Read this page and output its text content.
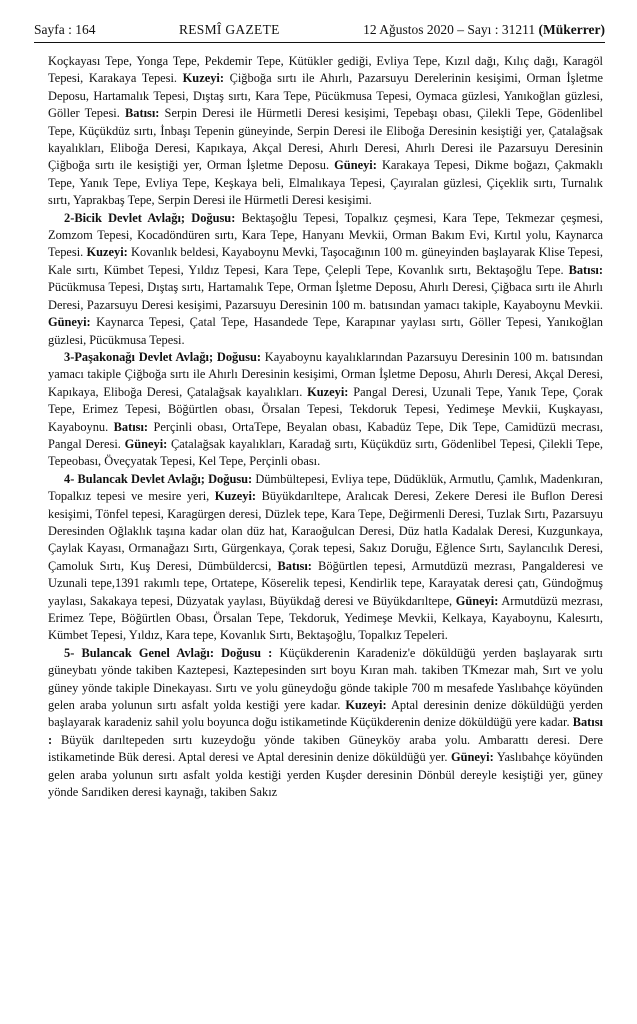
Sayfa : 164	RESMÎ GAZETE	12 Ağustos 2020 – Sayı : 31211 (Mükerrer)

Koçkayası Tepe, Yonga Tepe, Pekdemir Tepe, Kütükler gediği, Evliya Tepe, Kızıl dağı, Kılıç dağı, Karagöl Tepesi, Karakaya Tepesi. Kuzeyi: Çiğboğa sırtı ile Ahırlı, Pazarsuyu Derelerinin kesişimi, Orman İşletme Deposu, Hartamalık Tepesi, Dıştaş sırtı, Kara Tepe, Pücükmusa Tepesi, Oymaca güzlesi, Yanıkoğlan güzlesi, Göller Tepesi. Batısı: Serpin Deresi ile Hürmetli Deresi kesişimi, Tepebaşı obası, Çilekli Tepe, Gödenlibel Tepe, Küçükdüz sırtı, İnbaşı Tepenin güneyinde, Serpin Deresi ile Eliboğa Deresinin kesiştiği yer, Çatalağsak kayalıkları, Eliboğa Deresi, Kapıkaya, Akçal Deresi, Ahırlı Deresi, Ahırlı Deresi ile Pazarsuyu Deresinin Çiğboğa sırtı ile kesiştiği yer, Orman İşletme Deposu. Güneyi: Karakaya Tepesi, Dikme boğazı, Çakmaklı Tepe, Yanık Tepe, Evliya Tepe, Keşkaya beli, Elmalıkaya Tepesi, Çayıralan güzlesi, Çiçeklik sırtı, Turnalık sırtı, Yaprakbaş Tepe, Serpin Deresi ile Hürmetli Deresi kesişimi.

2-Bicik Devlet Avlağı; Doğusu: Bektaşoğlu Tepesi, Topalkız çeşmesi, Kara Tepe, Tekmezar çeşmesi, Zomzom Tepesi, Kocadöndüren sırtı, Kara Tepe, Hanyanı Mevkii, Orman Bakım Evi, Kırtıl yolu, Kaynarca Tepesi. Kuzeyi: Kovanlık beldesi, Kayaboynu Mevki, Taşocağının 100 m. güneyinden başlayarak Klise Tepesi, Kale sırtı, Kümbet Tepesi, Yıldız Tepesi, Kara Tepe, Çelepli Tepe, Kovanlık sırtı, Bektaşoğlu Tepe. Batısı: Pücükmusa Tepesi, Dıştaş sırtı, Hartamalık Tepe, Orman İşletme Deposu, Ahırlı Deresi, Çiğbaca sırtı ile Ahırlı Deresi, Pazarsuyu Deresi kesişimi, Pazarsuyu Deresinin 100 m. batısından yamacı takiple, Kayaboynu Mevkii. Güneyi: Kaynarca Tepesi, Çatal Tepe, Hasandede Tepe, Karapınar yaylası sırtı, Göller Tepesi, Yanıkoğlan güzlesi, Pücükmusa Tepesi.

3-Paşakonağı Devlet Avlağı; Doğusu: Kayaboynu kayalıklarından Pazarsuyu Deresinin 100 m. batısından yamacı takiple Çiğboğa sırtı ile Ahırlı Deresinin kesişimi, Orman İşletme Deposu, Ahırlı Deresi, Akçal Deresi, Kapıkaya, Eliboğa Deresi, Çatalağsak kayalıkları. Kuzeyi: Pangal Deresi, Uzunali Tepe, Yanık Tepe, Çorak Tepe, Erimez Tepesi, Böğürtlen obası, Örsalan Tepesi, Tekdoruk Tepesi, Yedimeşe Mevkii, Kuşkayası, Kayaboynu. Batısı: Perçinli obası, OrtaTepe, Beyalan obası, Kabadüz Tepe, Dik Tepe, Camidüzü mecrası, Pangal Deresi. Güneyi: Çatalağsak kayalıkları, Karadağ sırtı, Küçükdüz sırtı, Gödenlibel Tepesi, Çilekli Tepe, Tepeobası, Öveçyatak Tepesi, Kel Tepe, Perçinli obası.

4- Bulancak Devlet Avlağı; Doğusu: Dümbültepesi, Evliya tepe, Düdüklük, Armutlu, Çamlık, Madenkıran, Topalkız tepesi ve mesire yeri, Kuzeyi: Büyükdarıltepe, Aralıcak Deresi, Zekere Deresi ile Buflon Deresi kesişimi, Tönfel tepesi, Karagürgen deresi, Düzlek tepe, Kara Tepe, Değirmenli Deresi, Tuzlak Sırtı, Pazarsuyu Deresinden Oğlaklık taşına kadar olan düz hat, Karaoğulcan Deresi, Düz hatla Kadalak Deresi, Kuzgunkaya, Çaylak Kayası, Ormanağazı Sırtı, Gürgenkaya, Çorak tepesi, Sakız Doruğu, Eğlence Sırtı, Saylancılık Deresi, Çamoluk Sırtı, Kuş Deresi, Dümbüldercsi, Batısı: Böğürtlen tepesi, Armutdüzü mezrası, Pangalderesi ve Uzunali tepe,1391 rakımlı tepe, Ortatepe, Köserelik tepesi, Kendirlik tepe, Karayatak deresi çatı, Gündoğmuş yaylası, Sakakaya tepesi, Düzyatak yaylası, Büyükdağ deresi ve Büyükdarıltepe, Güneyi: Armutdüzü mezrası, Erimez Tepe, Böğürtlen Obası, Örsalan Tepe, Tekdoruk, Yedimeşe Mevkii, Kelkaya, Kayaboynu, Kalesırtı, Kümbet Tepesi, Yıldız, Kara tepe, Kovanlık Sırtı, Bektaşoğlu, Topalkız Tepeleri.

5- Bulancak Genel Avlağı: Doğusu : Küçükderenin Karadeniz'e döküldüğü yerden başlayarak sırtı güneybatı yönde takiben Kaztepesi, Kaztepesinden sırt boyu Kıran mah. takiben TKmezar mah, Sırt ve yolu güney yönde takiple Dinekayası. Sırtı ve yolu güneydoğu gönde takiple 700 m mesafede Yaslıbahçe köyünden gelen araba yolunun sırtı asfalt yolda kestiği yere kadar. Kuzeyi: Aptal deresinin denize döküldüğü yerden başlayarak karadeniz sahil yolu boyunca doğu istikametinde Küçükderenin denize döküldüğü yere kadar. Batısı : Büyük darıltepeden sırtı kuzeydoğu yönde takiben Güneyköy araba yolu. Ambarattı deresi. Dere istikametinde Bük deresi. Aptal deresi ve Aptal deresinin denize döküldüğü yer. Güneyi: Yaslıbahçe köyünden gelen araba yolunun sırtı asfalt yolda kestiği yerden Kuşder deresinin Dönbül dereyle kesiştiği yer, güney yönde Sarıdiken deresi kaynağı, takiben Sakız
